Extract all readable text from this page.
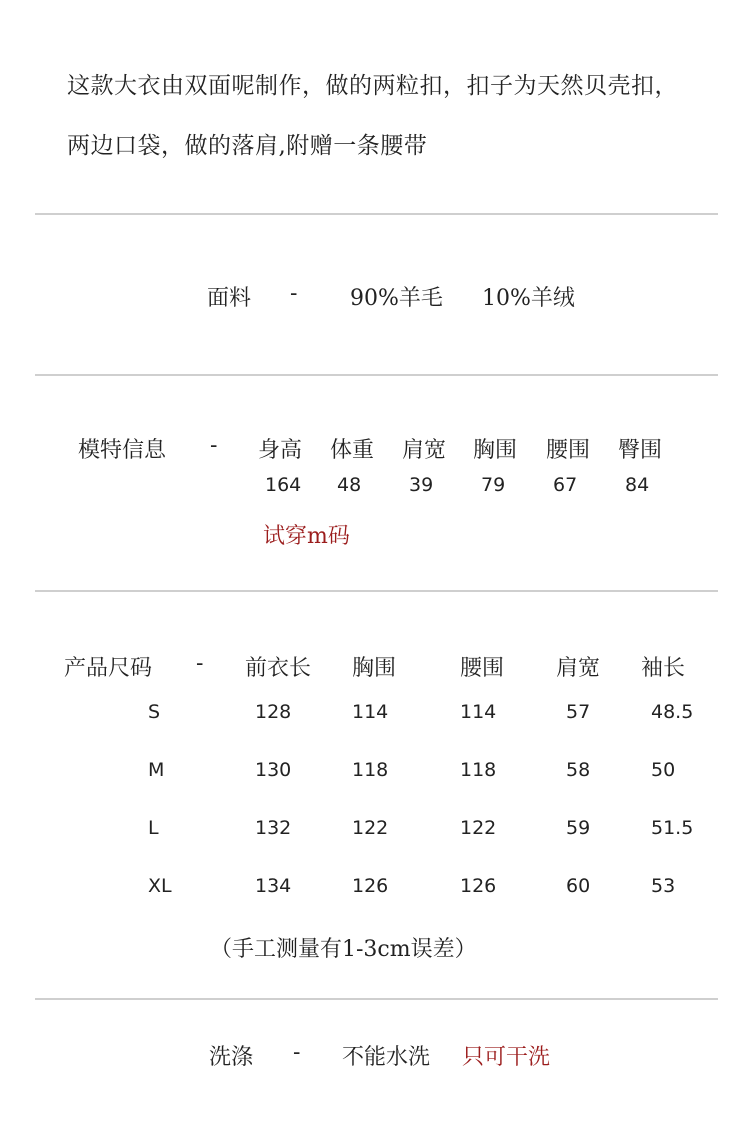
这款大衣由双面呢制作，做的两粒扣，扣子为天然贝壳扣，
两边口袋，做的落肩,附赠一条腰带
面料 - 90%羊毛 10%羊绒
模特信息 - 身高 体重 肩宽 胸围 腰围 臀围
164 48	39	79	67	84
试穿m码
产品尺码 - 前衣长 胸围	腰围 肩宽 袖长
S	128	114	114	57	48.5
M	130	118	118	58	50
L	132	122	122	59	51.5
XL	134	126	126	60	53
（手工测量有1-3cm误差）
洗涤 - 不能水洗 只可干洗
